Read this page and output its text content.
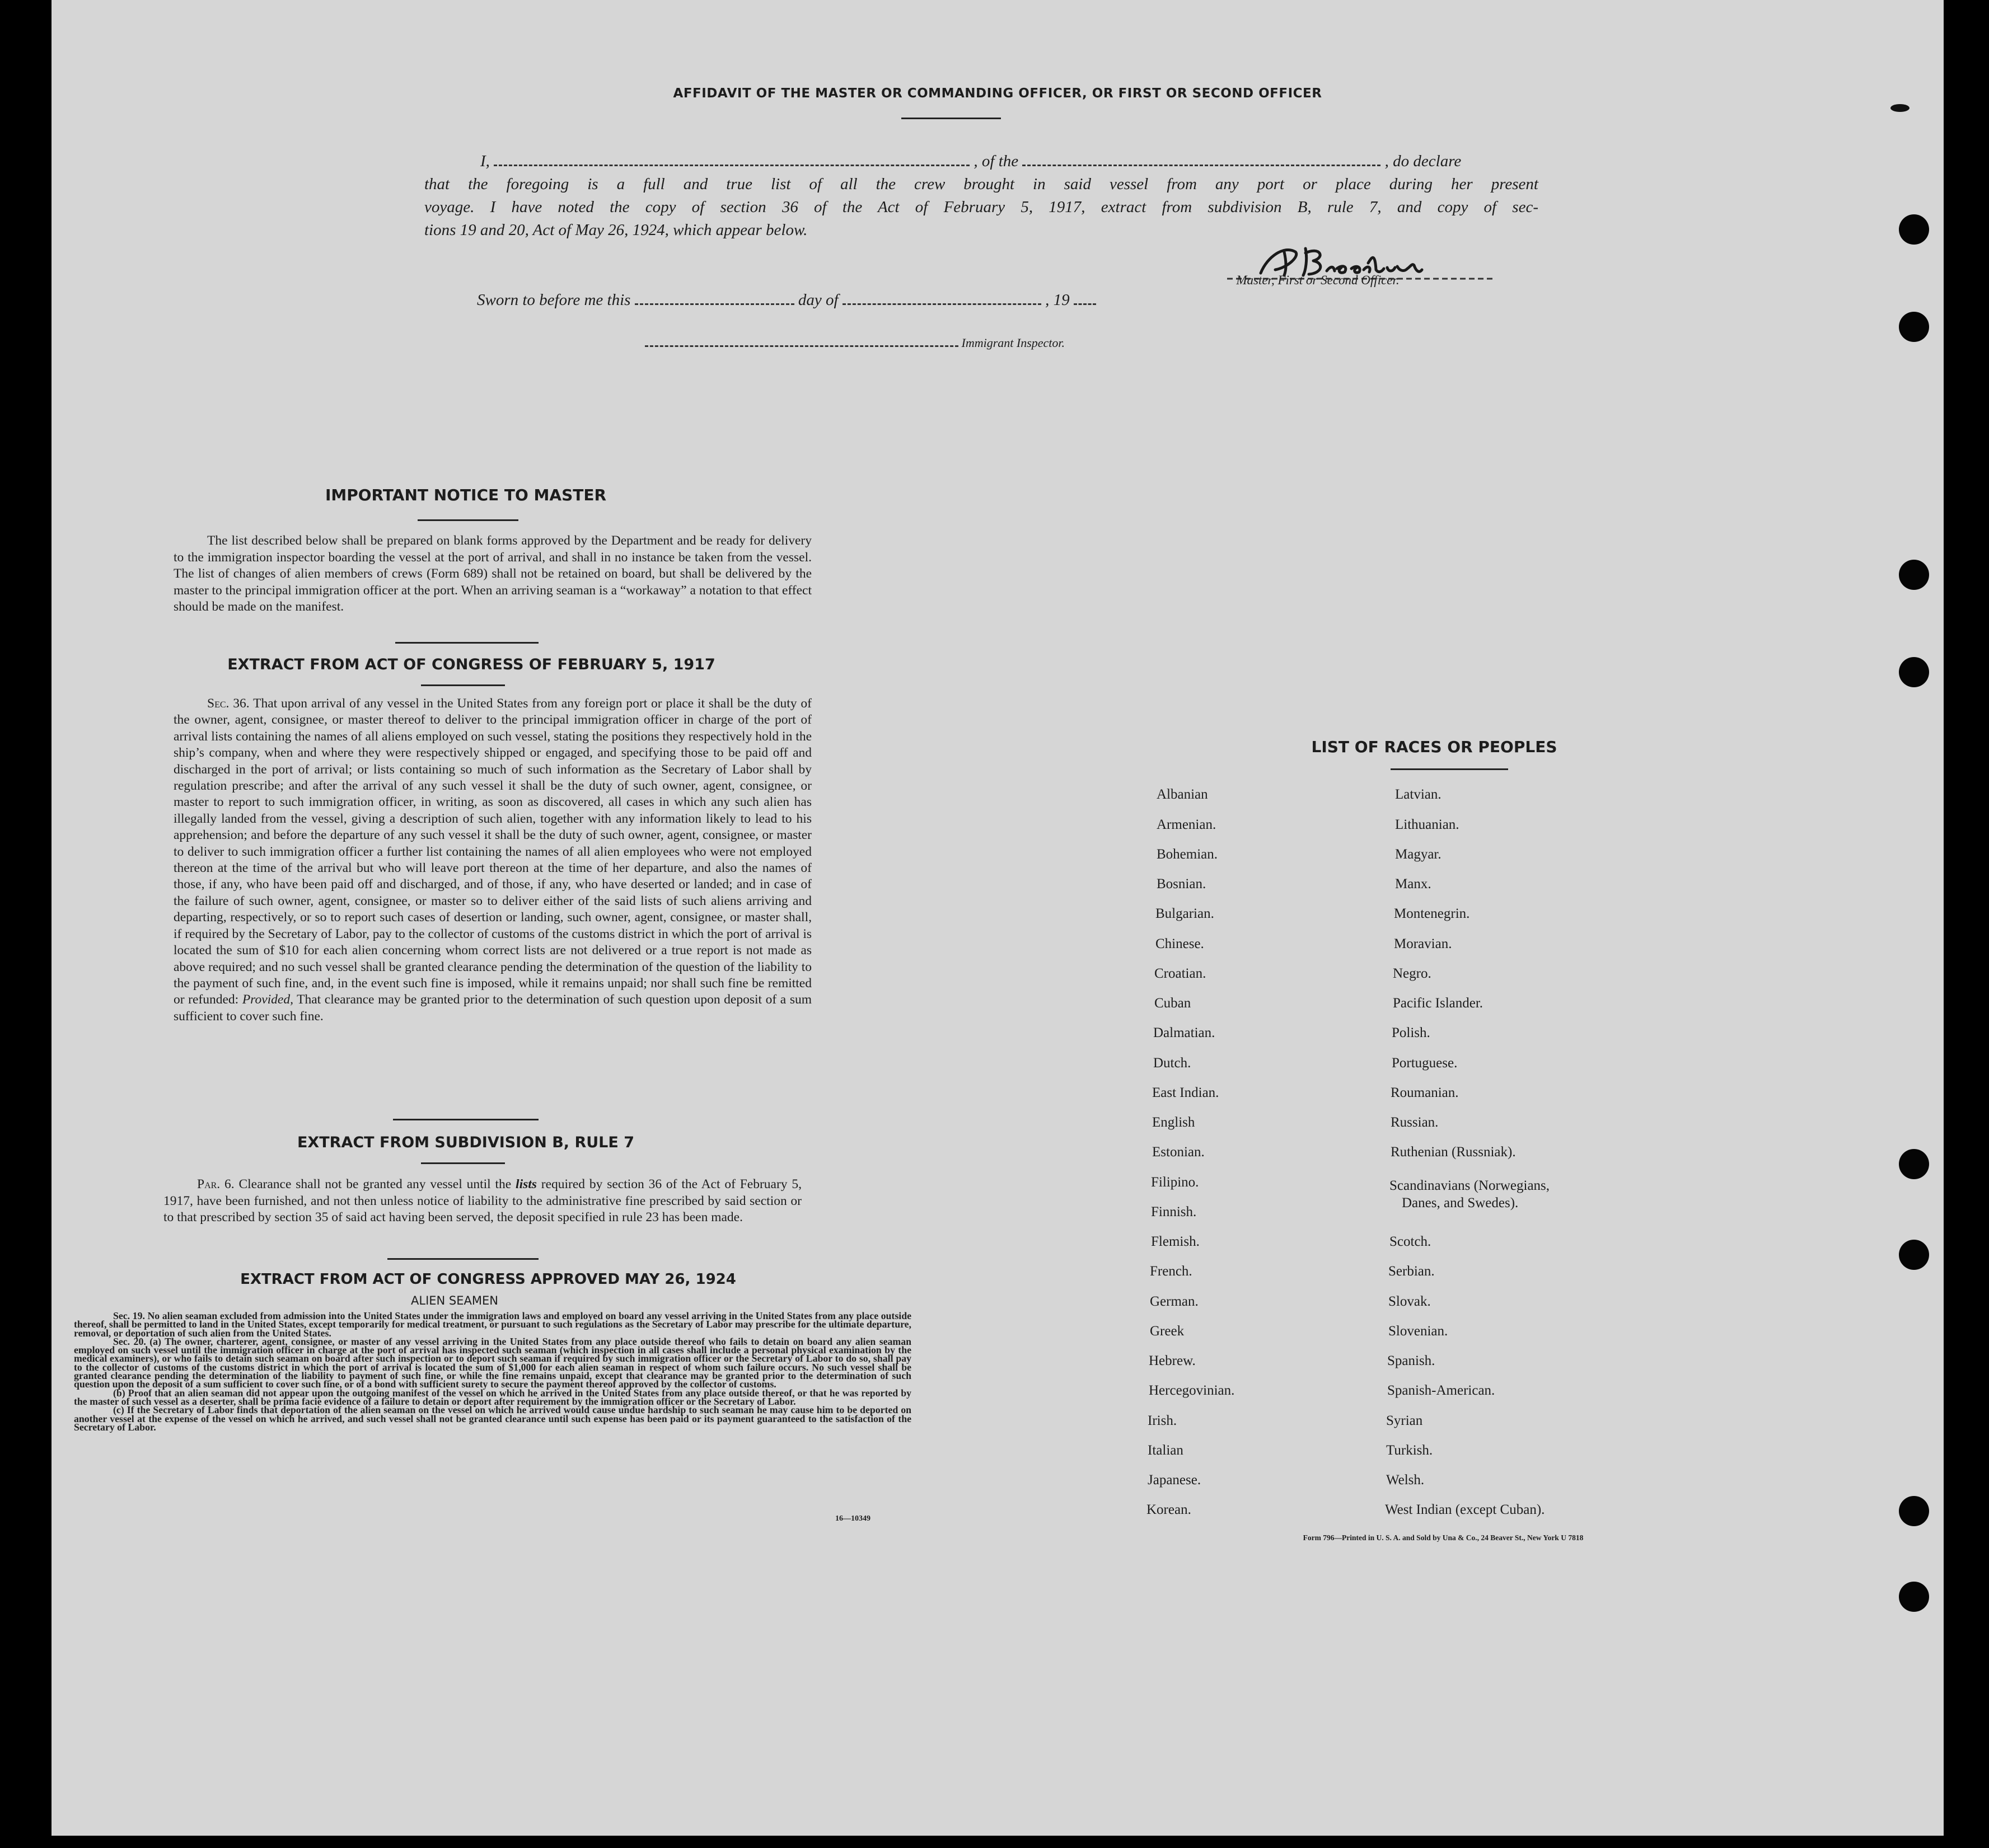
AFFIDAVIT OF THE MASTER OR COMMANDING OFFICER, OR FIRST OR SECOND OFFICER
I,	, of the	, do declare
that the foregoing is a full and true list of all the crew brought in said vessel from any port or place during her present
voyage. I have noted the copy of section 36 of the Act of February 5, 1917, extract from subdivision B, rule 7, and copy of sec-
tions 19 and 20, Act of May 26, 1924, which appear below.
Master, First or Second Officer.
Sworn to before me this	day of	, 19
Immigrant Inspector.
IMPORTANT NOTICE TO MASTER
The list described below shall be prepared on blank forms approved by the Department and be ready for delivery to the immigration inspector boarding the vessel at the port of arrival, and shall in no instance be taken from the vessel. The list of changes of alien members of crews (Form 689) shall not be retained on board, but shall be delivered by the master to the principal immigration officer at the port. When an arriving seaman is a “workaway” a notation to that effect should be made on the manifest.
EXTRACT FROM ACT OF CONGRESS OF FEBRUARY 5, 1917
Sec. 36. That upon arrival of any vessel in the United States from any foreign port or place it shall be the duty of the owner, agent, consignee, or master thereof to deliver to the principal immigration officer in charge of the port of arrival lists containing the names of all aliens employed on such vessel, stating the positions they respectively hold in the ship’s company, when and where they were respectively shipped or engaged, and specifying those to be paid off and discharged in the port of arrival; or lists containing so much of such information as the Secretary of Labor shall by regulation prescribe; and after the arrival of any such vessel it shall be the duty of such owner, agent, consignee, or master to report to such immigration officer, in writing, as soon as discovered, all cases in which any such alien has illegally landed from the vessel, giving a description of such alien, together with any information likely to lead to his apprehension; and before the departure of any such vessel it shall be the duty of such owner, agent, consignee, or master to deliver to such immigration officer a further list containing the names of all alien employees who were not employed thereon at the time of the arrival but who will leave port thereon at the time of her departure, and also the names of those, if any, who have been paid off and discharged, and of those, if any, who have deserted or landed; and in case of the failure of such owner, agent, consignee, or master so to deliver either of the said lists of such aliens arriving and departing, respectively, or so to report such cases of desertion or landing, such owner, agent, consignee, or master shall, if required by the Secretary of Labor, pay to the collector of customs of the customs district in which the port of arrival is located the sum of $10 for each alien concerning whom correct lists are not delivered or a true report is not made as above required; and no such vessel shall be granted clearance pending the determination of the question of the liability to the payment of such fine, and, in the event such fine is imposed, while it remains unpaid; nor shall such fine be remitted or refunded: Provided, That clearance may be granted prior to the determination of such question upon deposit of a sum sufficient to cover such fine.
EXTRACT FROM SUBDIVISION B, RULE 7
Par. 6. Clearance shall not be granted any vessel until the lists required by section 36 of the Act of February 5, 1917, have been furnished, and not then unless notice of liability to the administrative fine prescribed by said section or to that prescribed by section 35 of said act having been served, the deposit specified in rule 23 has been made.
EXTRACT FROM ACT OF CONGRESS APPROVED MAY 26, 1924
ALIEN SEAMEN
Sec. 19. No alien seaman excluded from admission into the United States under the immigration laws and employed on board any vessel arriving in the United States from any place outside thereof, shall be permitted to land in the United States, except temporarily for medical treatment, or pursuant to such regulations as the Secretary of Labor may prescribe for the ultimate departure, removal, or deportation of such alien from the United States.
Sec. 20. (a) The owner, charterer, agent, consignee, or master of any vessel arriving in the United States from any place outside thereof who fails to detain on board any alien seaman employed on such vessel until the immigration officer in charge at the port of arrival has inspected such seaman (which inspection in all cases shall include a personal physical examination by the medical examiners), or who fails to detain such seaman on board after such inspection or to deport such seaman if required by such immigration officer or the Secretary of Labor to do so, shall pay to the collector of customs of the customs district in which the port of arrival is located the sum of $1,000 for each alien seaman in respect of whom such failure occurs. No such vessel shall be granted clearance pending the determination of the liability to payment of such fine, or while the fine remains unpaid, except that clearance may be granted prior to the determination of such question upon the deposit of a sum sufficient to cover such fine, or of a bond with sufficient surety to secure the payment thereof approved by the collector of customs.
(b) Proof that an alien seaman did not appear upon the outgoing manifest of the vessel on which he arrived in the United States from any place outside thereof, or that he was reported by the master of such vessel as a deserter, shall be prima facie evidence of a failure to detain or deport after requirement by the immigration officer or the Secretary of Labor.
(c) If the Secretary of Labor finds that deportation of the alien seaman on the vessel on which he arrived would cause undue hardship to such seaman he may cause him to be deported on another vessel at the expense of the vessel on which he arrived, and such vessel shall not be granted clearance until such expense has been paid or its payment guaranteed to the satisfaction of the Secretary of Labor.
16—10349
LIST OF RACES OR PEOPLES
Albanian
Armenian.
Bohemian.
Bosnian.
Bulgarian.
Chinese.
Croatian.
Cuban
Dalmatian.
Dutch.
East Indian.
English
Estonian.
Filipino.
Finnish.
Flemish.
French.
German.
Greek
Hebrew.
Hercegovinian.
Irish.
Italian
Japanese.
Korean.
Latvian.
Lithuanian.
Magyar.
Manx.
Montenegrin.
Moravian.
Negro.
Pacific Islander.
Polish.
Portuguese.
Roumanian.
Russian.
Ruthenian (Russniak).
Scandinavians (Norwegians,
Danes, and Swedes).
Scotch.
Serbian.
Slovak.
Slovenian.
Spanish.
Spanish-American.
Syrian
Turkish.
Welsh.
West Indian (except Cuban).
Form 796—Printed in U. S. A. and Sold by Una & Co., 24 Beaver St., New York U 7818
